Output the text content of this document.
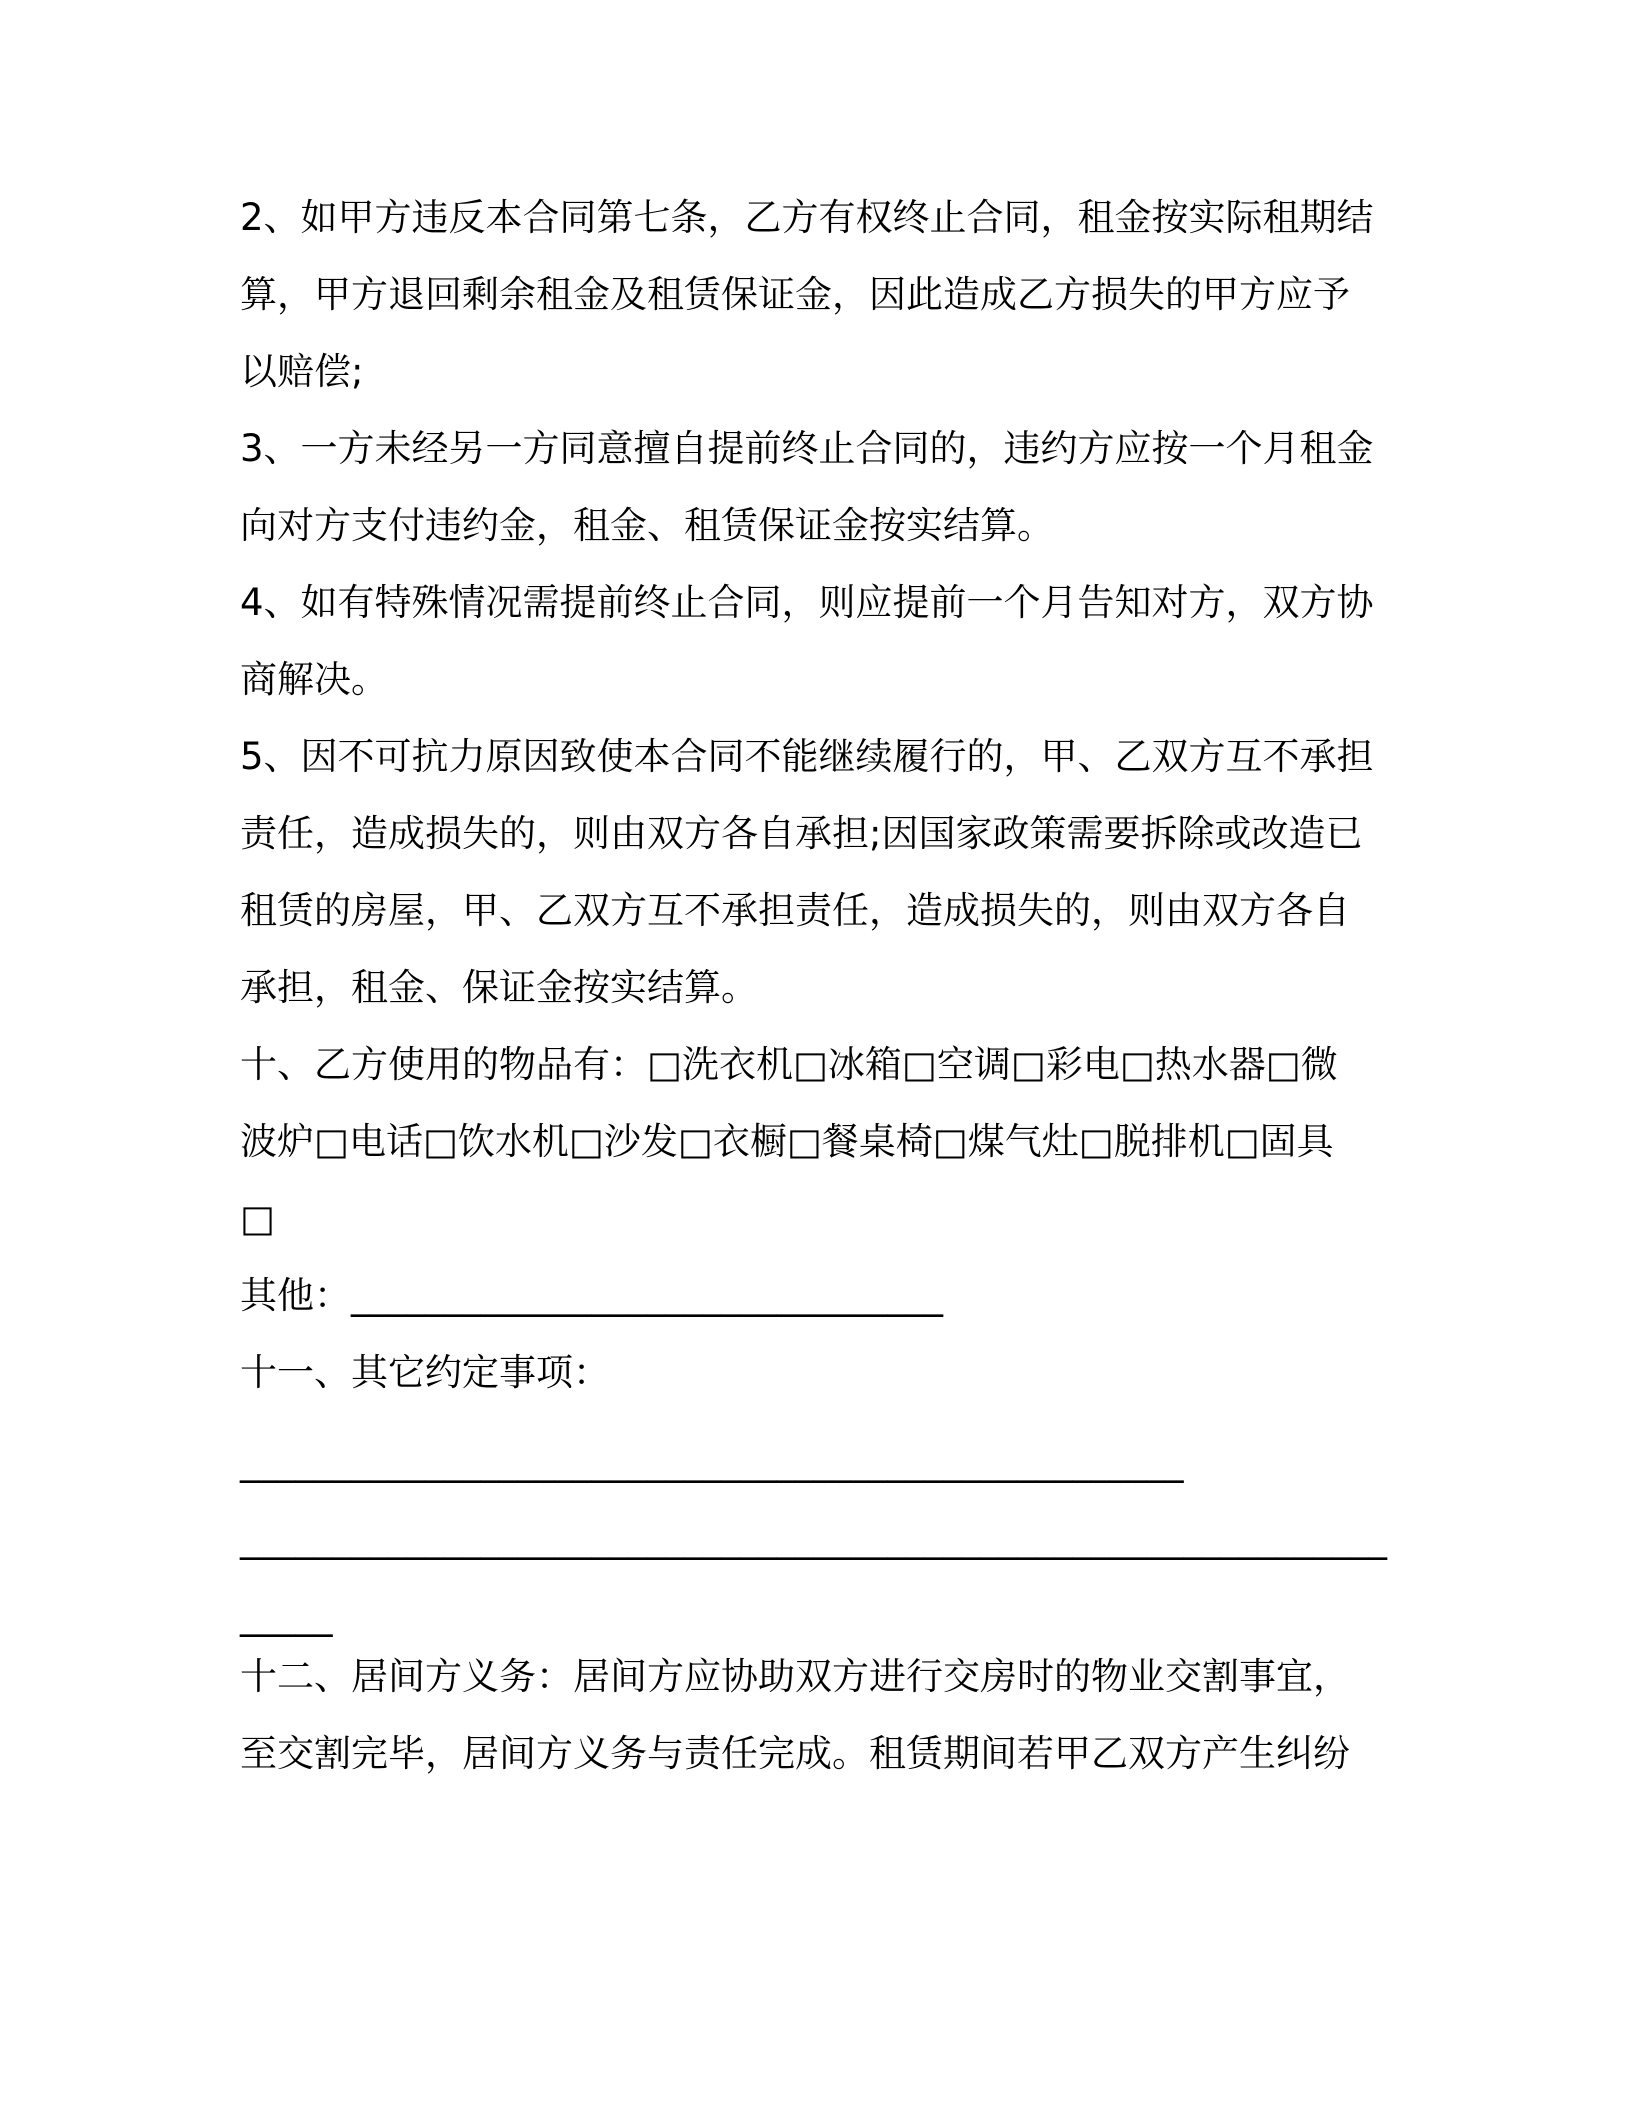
2、如甲方违反本合同第七条，乙方有权终止合同，租金按实际租期结
算，甲方退回剩余租金及租赁保证金，因此造成乙方损失的甲方应予
以赔偿;
3、一方未经另一方同意擅自提前终止合同的，违约方应按一个月租金
向对方支付违约金，租金、租赁保证金按实结算。
4、如有特殊情况需提前终止合同，则应提前一个月告知对方，双方协
商解决。
5、因不可抗力原因致使本合同不能继续履行的，甲、乙双方互不承担
责任，造成损失的，则由双方各自承担;因国家政策需要拆除或改造已
租赁的房屋，甲、乙双方互不承担责任，造成损失的，则由双方各自
承担，租金、保证金按实结算。
十、乙方使用的物品有：□洗衣机□冰箱□空调□彩电□热水器□微
波炉□电话□饮水机□沙发□衣橱□餐桌椅□煤气灶□脱排机□固具
□
其他：________________________________
十一、其它约定事项：
___________________________________________________
______________________________________________________________
_____
十二、居间方义务：居间方应协助双方进行交房时的物业交割事宜，
至交割完毕，居间方义务与责任完成。租赁期间若甲乙双方产生纠纷
